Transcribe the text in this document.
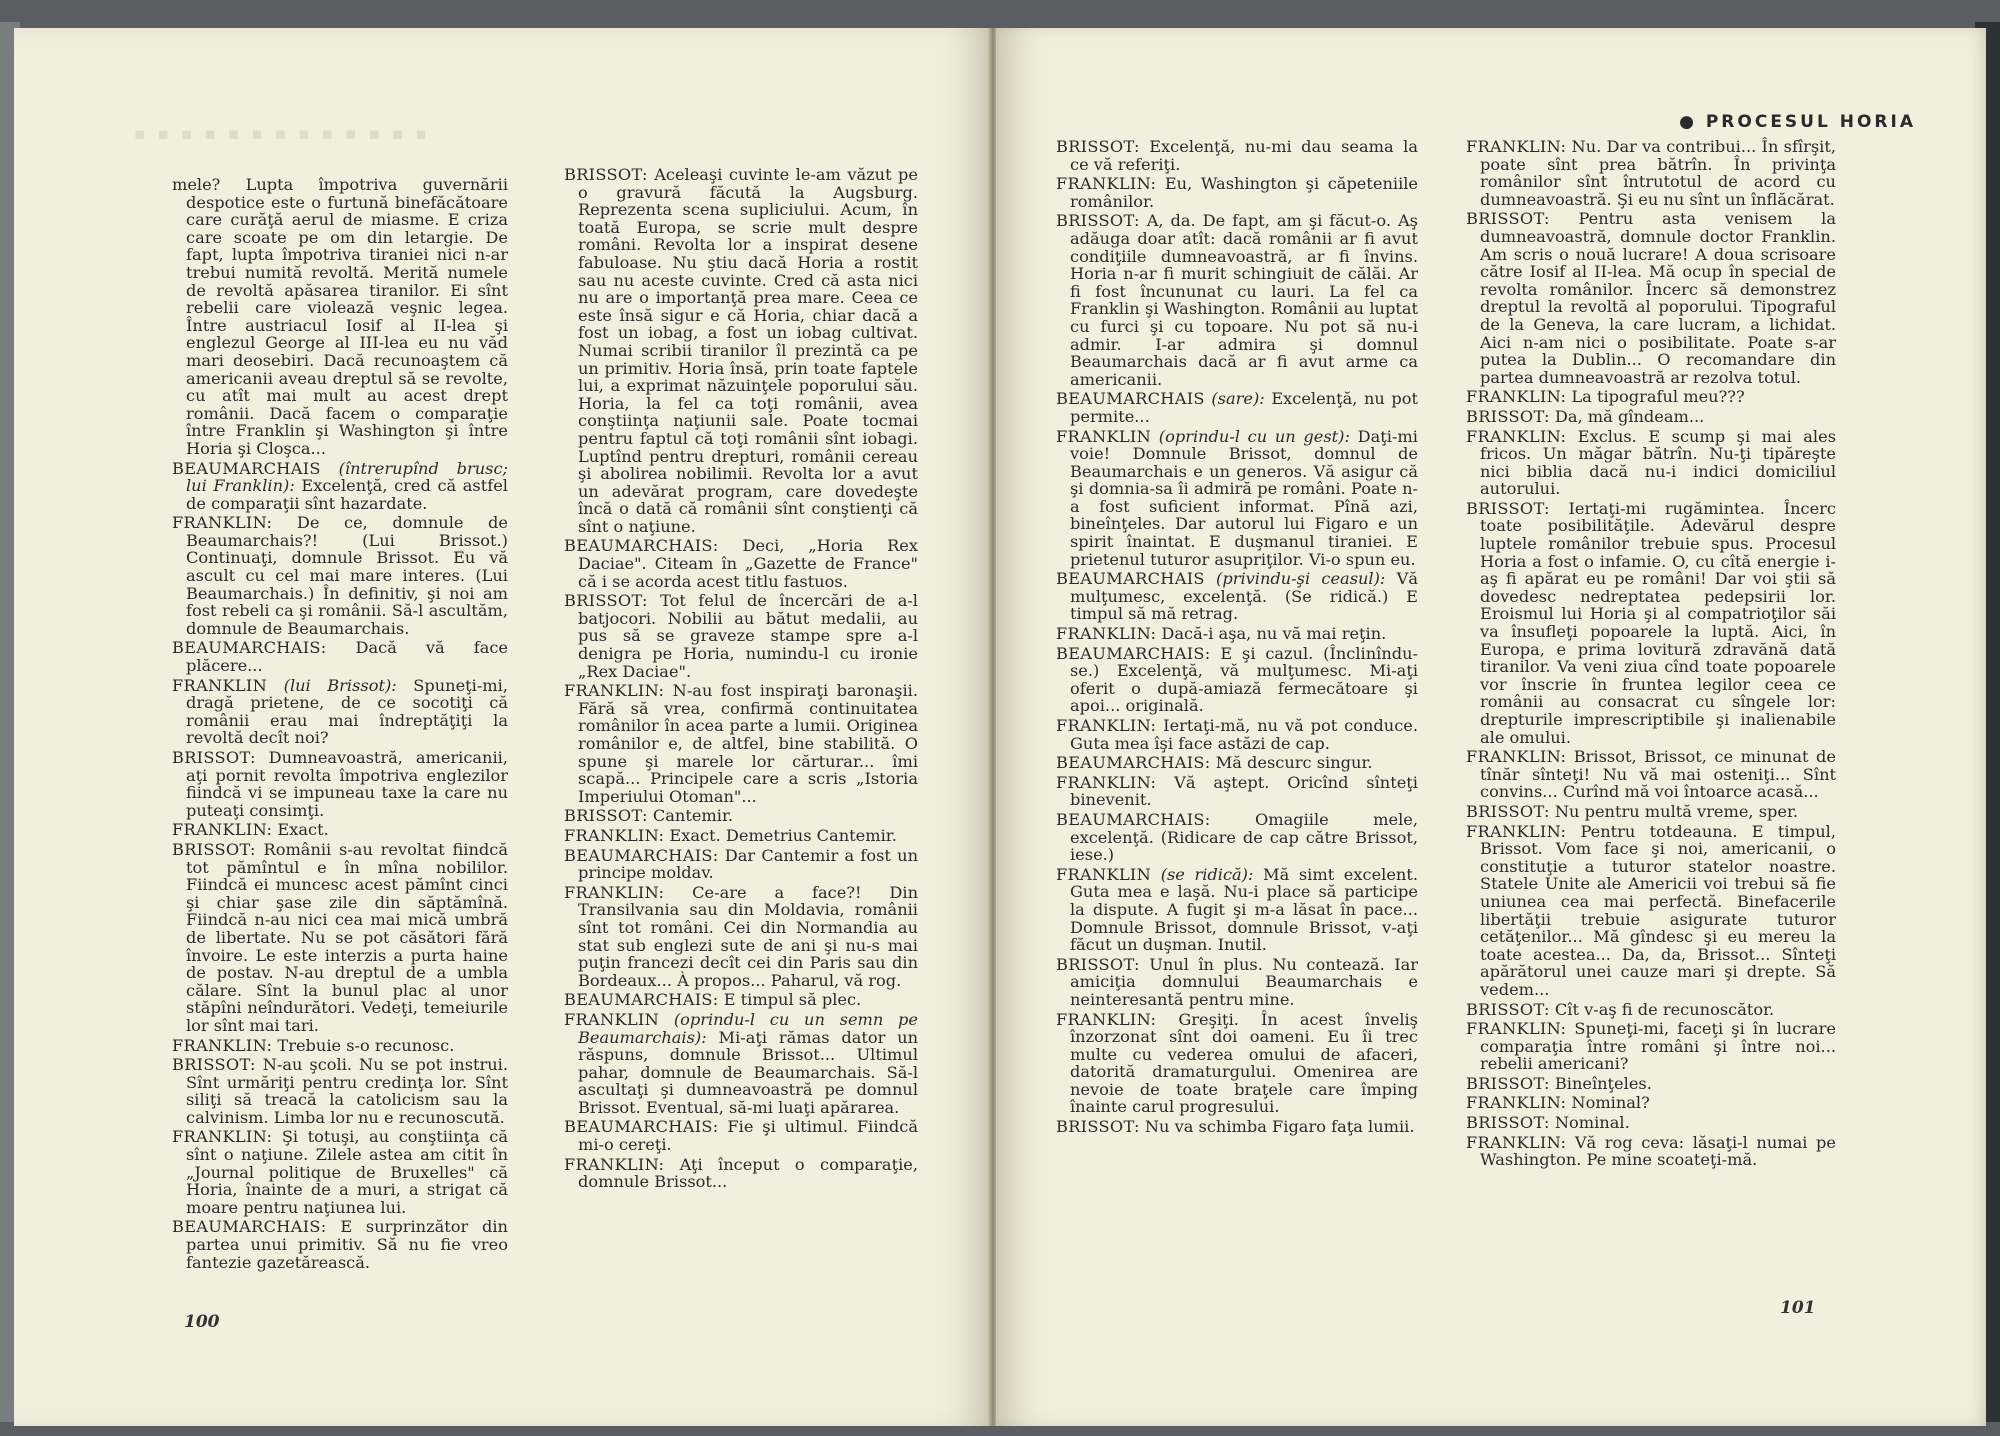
▪ ▪ ▪ ▪ ▪ ▪ ▪ ▪ ▪ ▪ ▪ ▪ ▪

mele? Lupta împotriva guvernării despotice este o furtună binefăcătoare care curăţă aerul de miasme. E criza care scoate pe om din letargie. De fapt, lupta împotriva tiraniei nici n-ar trebui numită revoltă. Merită numele de revoltă apăsarea tiranilor. Ei sînt rebelii care violează veşnic legea. Între austriacul Iosif al II-lea şi englezul George al III-lea eu nu văd mari deosebiri. Dacă recunoaştem că americanii aveau dreptul să se revolte, cu atît mai mult au acest drept românii. Dacă facem o comparaţie între Franklin şi Washington şi între Horia şi Cloşca...

BEAUMARCHAIS (întrerupînd brusc; lui Franklin): Excelenţă, cred că astfel de comparaţii sînt hazardate.

FRANKLIN: De ce, domnule de Beaumarchais?! (Lui Brissot.) Continuaţi, domnule Brissot. Eu vă ascult cu cel mai mare interes. (Lui Beaumarchais.) În definitiv, şi noi am fost rebeli ca şi românii. Să-l ascultăm, domnule de Beaumarchais.

BEAUMARCHAIS: Dacă vă face plăcere...

FRANKLIN (lui Brissot): Spuneţi-mi, dragă prietene, de ce socotiţi că românii erau mai îndreptăţiţi la revoltă decît noi?

BRISSOT: Dumneavoastră, americanii, aţi pornit revolta împotriva englezilor fiindcă vi se impuneau taxe la care nu puteaţi consimţi.

FRANKLIN: Exact.

BRISSOT: Românii s-au revoltat fiindcă tot pămîntul e în mîna nobililor. Fiindcă ei muncesc acest pămînt cinci şi chiar şase zile din săptămînă. Fiindcă n-au nici cea mai mică umbră de libertate. Nu se pot căsători fără învoire. Le este interzis a purta haine de postav. N-au dreptul de a umbla călare. Sînt la bunul plac al unor stăpîni neîndurători. Vedeţi, temeiurile lor sînt mai tari.

FRANKLIN: Trebuie s-o recunosc.

BRISSOT: N-au şcoli. Nu se pot instrui. Sînt urmăriţi pentru credinţa lor. Sînt siliţi să treacă la catolicism sau la calvinism. Limba lor nu e recunoscută.

FRANKLIN: Şi totuşi, au conştiinţa că sînt o naţiune. Zilele astea am citit în „Journal politique de Bruxelles" că Horia, înainte de a muri, a strigat că moare pentru naţiunea lui.

BEAUMARCHAIS: E surprinzător din partea unui primitiv. Să nu fie vreo fantezie gazetărească.

BRISSOT: Aceleaşi cuvinte le-am văzut pe o gravură făcută la Augsburg. Reprezenta scena supliciului. Acum, în toată Europa, se scrie mult despre români. Revolta lor a inspirat desene fabuloase. Nu ştiu dacă Horia a rostit sau nu aceste cuvinte. Cred că asta nici nu are o importanţă prea mare. Ceea ce este însă sigur e că Horia, chiar dacă a fost un iobag, a fost un iobag cultivat. Numai scribii tiranilor îl prezintă ca pe un primitiv. Horia însă, prin toate faptele lui, a exprimat năzuinţele poporului său. Horia, la fel ca toţi românii, avea conştiinţa naţiunii sale. Poate tocmai pentru faptul că toţi românii sînt iobagi. Luptînd pentru drepturi, românii cereau şi abolirea nobilimii. Revolta lor a avut un adevărat program, care dovedeşte încă o dată că românii sînt conştienţi că sînt o naţiune.

BEAUMARCHAIS: Deci, „Horia Rex Daciae". Citeam în „Gazette de France" că i se acorda acest titlu fastuos.

BRISSOT: Tot felul de încercări de a-l batjocori. Nobilii au bătut medalii, au pus să se graveze stampe spre a-l denigra pe Horia, numindu-l cu ironie „Rex Daciae".

FRANKLIN: N-au fost inspiraţi baronaşii. Fără să vrea, confirmă continuitatea românilor în acea parte a lumii. Originea românilor e, de altfel, bine stabilită. O spune şi marele lor cărturar... îmi scapă... Principele care a scris „Istoria Imperiului Otoman"...

BRISSOT: Cantemir.

FRANKLIN: Exact. Demetrius Cantemir.

BEAUMARCHAIS: Dar Cantemir a fost un principe moldav.

FRANKLIN: Ce-are a face?! Din Transilvania sau din Moldavia, românii sînt tot români. Cei din Normandia au stat sub englezi sute de ani şi nu-s mai puţin francezi decît cei din Paris sau din Bordeaux... À propos... Paharul, vă rog.

BEAUMARCHAIS: E timpul să plec.

FRANKLIN (oprindu-l cu un semn pe Beaumarchais): Mi-aţi rămas dator un răspuns, domnule Brissot... Ultimul pahar, domnule de Beaumarchais. Să-l ascultaţi şi dumneavoastră pe domnul Brissot. Eventual, să-mi luaţi apărarea.

BEAUMARCHAIS: Fie şi ultimul. Fiindcă mi-o cereţi.

FRANKLIN: Aţi început o comparaţie, domnule Brissot...

100
● PROCESUL HORIA

BRISSOT: Excelenţă, nu-mi dau seama la ce vă referiţi.

FRANKLIN: Eu, Washington şi căpeteniile românilor.

BRISSOT: A, da. De fapt, am şi făcut-o. Aş adăuga doar atît: dacă românii ar fi avut condiţiile dumneavoastră, ar fi învins. Horia n-ar fi murit schingiuit de călăi. Ar fi fost încununat cu lauri. La fel ca Franklin şi Washington. Românii au luptat cu furci şi cu topoare. Nu pot să nu-i admir. I-ar admira şi domnul Beaumarchais dacă ar fi avut arme ca americanii.

BEAUMARCHAIS (sare): Excelenţă, nu pot permite...

FRANKLIN (oprindu-l cu un gest): Daţi-mi voie! Domnule Brissot, domnul de Beaumarchais e un generos. Vă asigur că şi domnia-sa îi admiră pe români. Poate n-a fost suficient informat. Pînă azi, bineînţeles. Dar autorul lui Figaro e un spirit înaintat. E duşmanul tiraniei. E prietenul tuturor asupriţilor. Vi-o spun eu.

BEAUMARCHAIS (privindu-şi ceasul): Vă mulţumesc, excelenţă. (Se ridică.) E timpul să mă retrag.

FRANKLIN: Dacă-i aşa, nu vă mai reţin.

BEAUMARCHAIS: E şi cazul. (Înclinîndu-se.) Excelenţă, vă mulţumesc. Mi-aţi oferit o după-amiază fermecătoare şi apoi... originală.

FRANKLIN: Iertaţi-mă, nu vă pot conduce. Guta mea îşi face astăzi de cap.

BEAUMARCHAIS: Mă descurc singur.

FRANKLIN: Vă aştept. Oricînd sînteţi binevenit.

BEAUMARCHAIS:	Omagiile mele, excelenţă. (Ridicare de cap către Brissot, iese.)

FRANKLIN (se ridică): Mă simt excelent. Guta mea e laşă. Nu-i place să participe la dispute. A fugit şi m-a lăsat în pace... Domnule Brissot, domnule Brissot, v-aţi făcut un duşman. Inutil.

BRISSOT: Unul în plus. Nu contează. Iar amiciţia domnului Beaumarchais e neinteresantă pentru mine.

FRANKLIN: Greşiţi. În acest înveliş înzorzonat sînt doi oameni. Eu îi trec multe cu vederea omului de afaceri, datorită dramaturgului. Omenirea are nevoie de toate braţele care împing înainte carul progresului.

BRISSOT: Nu va schimba Figaro faţa lumii.

FRANKLIN: Nu. Dar va contribui... În sfîrşit, poate sînt prea bătrîn. În privinţa românilor sînt întrutotul de acord cu dumneavoastră. Şi eu nu sînt un înflăcărat.

BRISSOT: Pentru asta venisem la dumneavoastră, domnule doctor Franklin. Am scris o nouă lucrare! A doua scrisoare către Iosif al II-lea. Mă ocup în special de revolta românilor. Încerc să demonstrez dreptul la revoltă al poporului. Tipograful de la Geneva, la care lucram, a lichidat. Aici n-am nici o posibilitate. Poate s-ar putea la Dublin... O recomandare din partea dumneavoastră ar rezolva totul.

FRANKLIN: La tipograful meu???

BRISSOT: Da, mă gîndeam...

FRANKLIN: Exclus. E scump şi mai ales fricos. Un măgar bătrîn. Nu-ţi tipăreşte nici biblia dacă nu-i indici domiciliul autorului.

BRISSOT: Iertaţi-mi rugămintea. Încerc toate posibilităţile. Adevărul despre luptele românilor trebuie spus. Procesul Horia a fost o infamie. O, cu cîtă energie i-aş fi apărat eu pe români! Dar voi ştii să dovedesc nedreptatea pedepsirii lor. Eroismul lui Horia şi al compatrioţilor săi va însufleţi popoarele la luptă. Aici, în Europa, e prima lovitură zdravănă dată tiranilor. Va veni ziua cînd toate popoarele vor înscrie în fruntea legilor ceea ce românii au consacrat cu sîngele lor: drepturile imprescriptibile şi inalienabile ale omului.

FRANKLIN: Brissot, Brissot, ce minunat de tînăr sînteţi! Nu vă mai osteniţi... Sînt convins... Curînd mă voi întoarce acasă...

BRISSOT: Nu pentru multă vreme, sper.

FRANKLIN: Pentru totdeauna. E timpul, Brissot. Vom face şi noi, americanii, o constituţie a tuturor statelor noastre. Statele Unite ale Americii voi trebui să fie uniunea cea mai perfectă. Binefacerile libertăţii trebuie asigurate tuturor cetăţenilor... Mă gîndesc şi eu mereu la toate acestea... Da, da, Brissot... Sînteţi apărătorul unei cauze mari şi drepte. Să vedem...

BRISSOT: Cît v-aş fi de recunoscător.

FRANKLIN: Spuneţi-mi, faceţi şi în lucrare comparaţia între români şi între noi... rebelii americani?

BRISSOT: Bineînţeles.

FRANKLIN: Nominal?

BRISSOT: Nominal.

FRANKLIN: Vă rog ceva: lăsaţi-l numai pe Washington. Pe mine scoateţi-mă.

101
